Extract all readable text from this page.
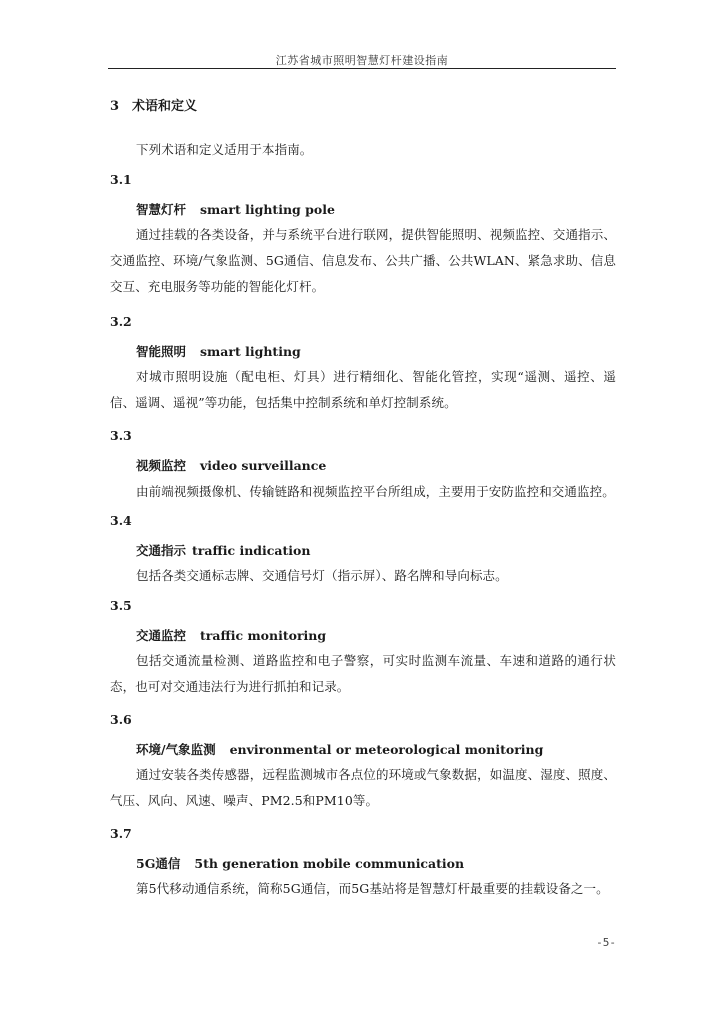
江苏省城市照明智慧灯杆建设指南
3 术语和定义
下列术语和定义适用于本指南。
3.1
智慧灯杆 smart lighting pole
通过挂载的各类设备，并与系统平台进行联网，提供智能照明、视频监控、交通指示、交通监控、环境/气象监测、5G通信、信息发布、公共广播、公共WLAN、紧急求助、信息交互、充电服务等功能的智能化灯杆。
3.2
智能照明 smart lighting
对城市照明设施（配电柜、灯具）进行精细化、智能化管控，实现“遥测、遥控、遥信、遥调、遥视”等功能，包括集中控制系统和单灯控制系统。
3.3
视频监控 video surveillance
由前端视频摄像机、传输链路和视频监控平台所组成，主要用于安防监控和交通监控。
3.4
交通指示 traffic indication
包括各类交通标志牌、交通信号灯（指示屏）、路名牌和导向标志。
3.5
交通监控 traffic monitoring
包括交通流量检测、道路监控和电子警察，可实时监测车流量、车速和道路的通行状态，也可对交通违法行为进行抓拍和记录。
3.6
环境/气象监测 environmental or meteorological monitoring
通过安装各类传感器，远程监测城市各点位的环境或气象数据，如温度、湿度、照度、气压、风向、风速、噪声、PM2.5和PM10等。
3.7
5G通信 5th generation mobile communication
第5代移动通信系统，简称5G通信，而5G基站将是智慧灯杆最重要的挂载设备之一。
-5-
